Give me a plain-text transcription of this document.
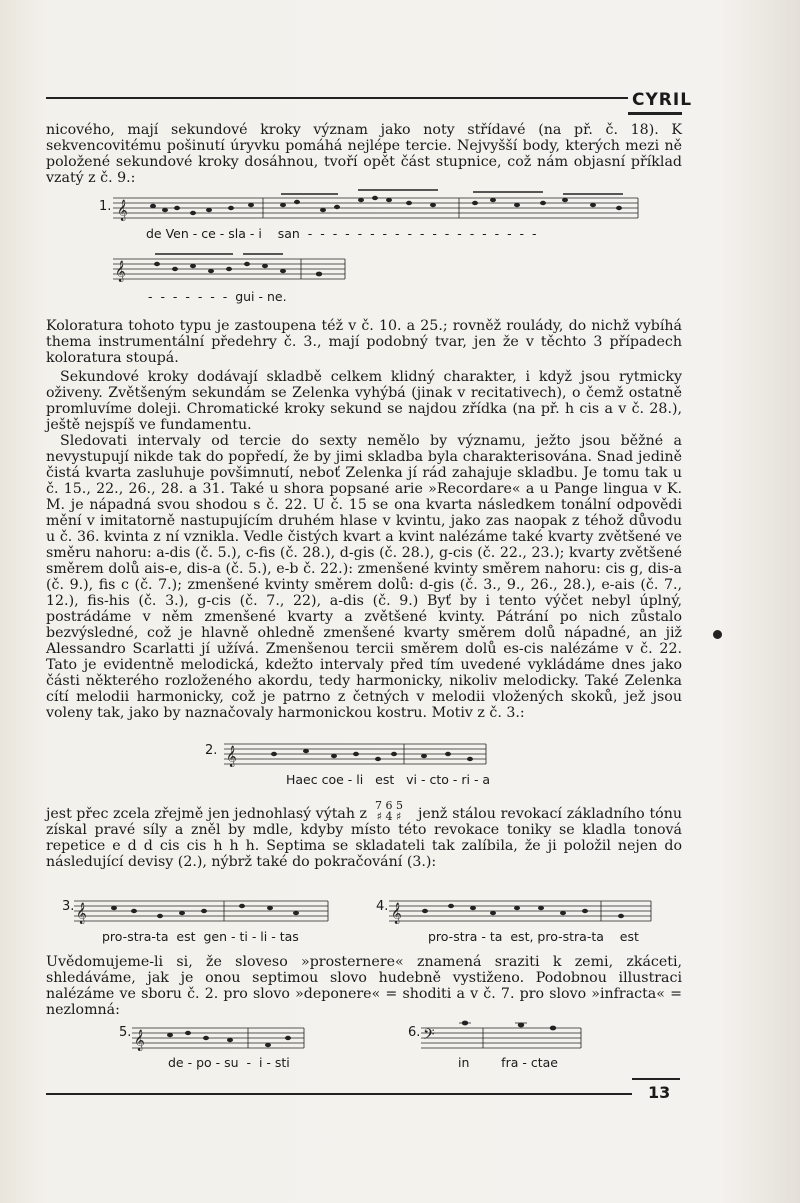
CYRIL

nicového, mají sekundové kroky význam jako noty střídavé (na př. č. 18). K sekvencovitému pošinutí úryvku pomáhá nejlépe tercie. Nejvyšší body, kterých mezi ně položené sekundové kroky dosáhnou, tvoří opět část stupnice, což nám objasní příklad vzatý z č. 9.:

1. 𝄞
de Ven - ce - sla - i    san  -  -  -  -  -  -  -  -  -  -  -  -  -  -  -  -  -  -  -
𝄞
-  -  -  -  -  -  -  gui - ne.

Koloratura tohoto typu je zastoupena též v č. 10. a 25.; rovněž roulády, do nichž vybíhá thema instrumentální předehry č. 3., mají podobný tvar, jen že v těchto 3 případech koloratura stoupá.

Sekundové kroky dodávají skladbě celkem klidný charakter, i když jsou rytmicky oživeny. Zvětšeným sekundám se Zelenka vyhýbá (jinak v recitativech), o čemž ostatně promluvíme doleji. Chromatické kroky sekund se najdou zřídka (na př. h cis a v č. 28.), ještě nejspíš ve fundamentu.

Sledovati intervaly od tercie do sexty nemělo by významu, ježto jsou běžné a nevystupují nikde tak do popředí, že by jimi skladba byla charakterisována. Snad jedině čistá kvarta zasluhuje povšimnutí, neboť Zelenka jí rád zahajuje skladbu. Je tomu tak u č. 15., 22., 26., 28. a 31. Také u shora popsané arie »Recordare« a u Pange lingua v K. M. je nápadná svou shodou s č. 22. U č. 15 se ona kvarta následkem tonální odpovědi mění v imitatorně nastupujícím druhém hlase v kvintu, jako zas naopak z téhož důvodu u č. 36. kvinta z ní vznikla. Vedle čistých kvart a kvint nalézáme také kvarty zvětšené ve směru nahoru: a-dis (č. 5.), c-fis (č. 28.), d-gis (č. 28.), g-cis (č. 22., 23.); kvarty zvětšené směrem dolů ais-e, dis-a (č. 5.), e-b č. 22.): zmenšené kvinty směrem nahoru: cis g, dis-a (č. 9.), fis c (č. 7.); zmenšené kvinty směrem dolů: d-gis (č. 3., 9., 26., 28.), e-ais (č. 7., 12.), fis-his (č. 3.), g-cis (č. 7., 22), a-dis (č. 9.) Byť by i tento výčet nebyl úplný, postrádáme v něm zmenšené kvarty a zvětšené kvinty. Pátrání po nich zůstalo bezvýsledné, což je hlavně ohledně zmenšené kvarty směrem dolů nápadné, an již Alessandro Scarlatti jí užívá. Zmenšenou tercii směrem dolů es-cis nalézáme v č. 22. Tato je evidentně melodická, kdežto intervaly před tím uvedené vykládáme dnes jako části některého rozloženého akordu, tedy harmonicky, nikoliv melodicky. Také Zelenka cítí melodii harmonicky, což je patrno z četných v melodii vložených skoků, jež jsou voleny tak, jako by naznačovaly harmonickou kostru. Motiv z č. 3.:

2. 𝄞
Haec coe - li   est   vi - cto - ri - a

jest přec zcela zřejmě jen jednohlasý výtah z

7 6 5
♯ 4 ♯	jenž stálou revokací základního tónu získal pravé síly a zněl by mdle, kdyby místo této revokace toniky se kladla tonová repetice e d d cis cis h h h. Septima se skladateli tak zalíbila, že ji položil nejen do následující devisy (2.), nýbrž také do pokračování (3.):

3. 𝄞
pro-stra-ta  est  gen - ti - li - tas
4. 𝄞
pro-stra - ta  est, pro-stra-ta    est

Uvědomujeme-li si, že sloveso »prosternere« znamená sraziti k zemi, zkáceti, shledáváme, jak je onou septimou slovo hudebně vystiženo. Podobnou illustraci nalézáme ve sboru č. 2. pro slovo »deponere« = shoditi a v č. 7. pro slovo »infracta« = nezlomná:

5. 𝄞
de - po - su  -  i - sti
6. 𝄢
in        fra - ctae
13
